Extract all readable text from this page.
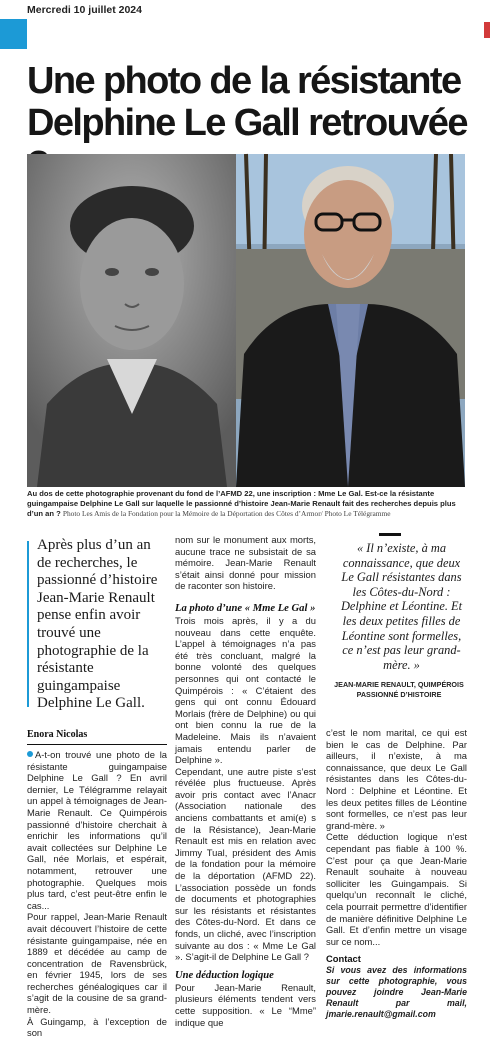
Mercredi 10 juillet 2024
Une photo de la résistante
Delphine Le Gall retrouvée
Au dos de cette photographie provenant du fond de l’AFMD 22, une inscription : Mme Le Gal. Est-ce la résistante guingampaise Delphine Le Gall sur laquelle le passionné d’histoire Jean-Marie Renault fait des recherches depuis plus d’un an ? Photo Les Amis de la Fondation pour la Mémoire de la Déportation des Côtes d’Armor/ Photo Le Télégramme
Après plus d’un an de recherches, le passionné d’histoire Jean-Marie Renault pense enfin avoir trouvé une photographie de la résistante guingampaise Delphine Le Gall.
Enora Nicolas

A-t-on trouvé une photo de la résistante guingampaise Delphine Le Gall ? En avril dernier, Le Télégramme relayait un appel à témoignages de Jean-Marie Renault. Ce Quimpérois passionné d’histoire cherchait à enrichir les informations qu’il avait collectées sur Delphine Le Gall, née Morlais, et espérait, notamment, retrouver une photographie. Quelques mois plus tard, c’est peut-être enfin le cas...

Pour rappel, Jean-Marie Renault avait découvert l’histoire de cette résistante guingampaise, née en 1889 et décédée au camp de concentration de Ravensbrück, en février 1945, lors de ses recherches généalogiques car il s’agit de la cousine de sa grand-mère.

À Guingamp, à l’exception de son

nom sur le monument aux morts, aucune trace ne subsistait de sa mémoire. Jean-Marie Renault s’était ainsi donné pour mission de raconter son histoire.

La photo d’une « Mme Le Gal »

Trois mois après, il y a du nouveau dans cette enquête. L’appel à témoignages n’a pas été très concluant, malgré la bonne volonté des quelques personnes qui ont contacté le Quimpérois : « C’étaient des gens qui ont connu Édouard Morlais (frère de Delphine) ou qui ont bien connu la rue de la Madeleine. Mais ils n’avaient jamais entendu parler de Delphine ».

Cependant, une autre piste s’est révélée plus fructueuse. Après avoir pris contact avec l’Anacr (Association nationale des anciens combattants et ami(e) s de la Résistance), Jean-Marie Renault est mis en relation avec Jimmy Tual, président des Amis de la fondation pour la mémoire de la déportation (AFMD 22). L’association possède un fonds de documents et photographies sur les résistants et résistantes des Côtes-du-Nord. Et dans ce fonds, un cliché, avec l’inscription suivante au dos : « Mme Le Gal ». S’agit-il de Delphine Le Gall ?

Une déduction logique

Pour Jean-Marie Renault, plusieurs éléments tendent vers cette supposition. « Le “Mme” indique que

« Il n’existe, à ma connaissance, que deux Le Gall résistantes dans les Côtes-du-Nord : Delphine et Léontine. Et les deux petites filles de Léontine sont formelles, ce n’est pas leur grand-mère. »
JEAN-MARIE RENAULT, QUIMPÉROIS PASSIONNÉ D’HISTOIRE

c’est le nom marital, ce qui est bien le cas de Delphine. Par ailleurs, il n’existe, à ma connaissance, que deux Le Gall résistantes dans les Côtes-du-Nord : Delphine et Léontine. Et les deux petites filles de Léontine sont formelles, ce n’est pas leur grand-mère. »

Cette déduction logique n’est cependant pas fiable à 100 %. C’est pour ça que Jean-Marie Renault souhaite à nouveau solliciter les Guingampais. Si quelqu’un reconnaît le cliché, cela pourrait permettre d’identifier de manière définitive Delphine Le Gall. Et d’enfin mettre un visage sur ce nom...

Contact

Si vous avez des informations sur cette photographie, vous pouvez joindre Jean-Marie Renault par mail, jmarie.renault@gmail.com
